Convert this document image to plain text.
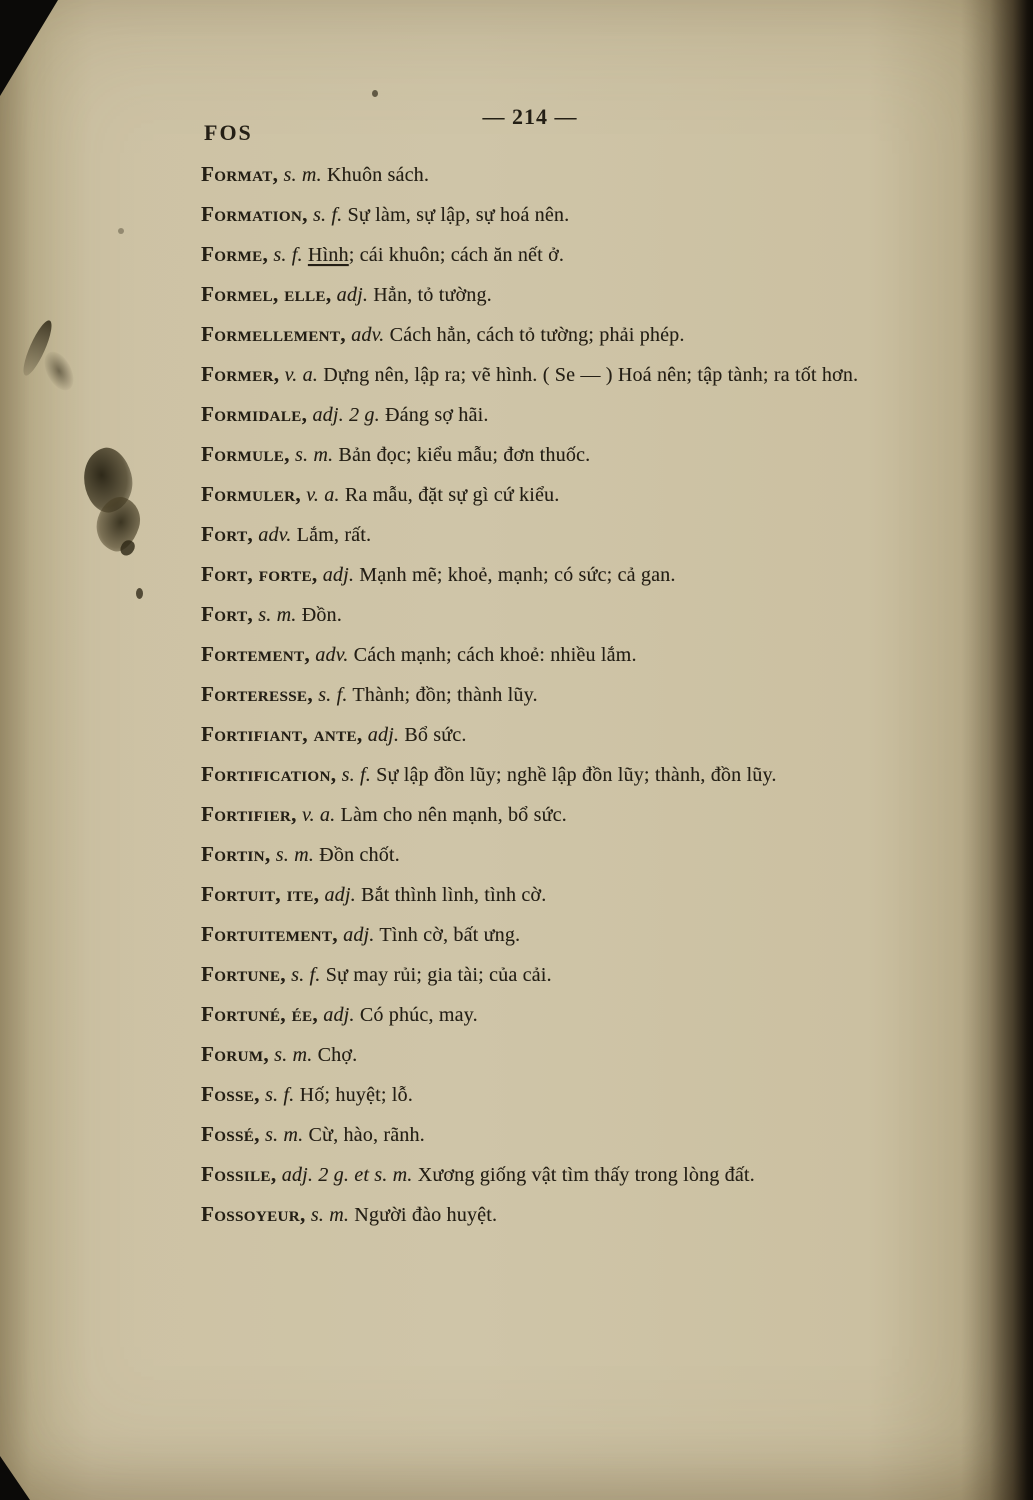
FOS
— 214 —

Format, s. m. Khuôn sách.

Formation, s. f. Sự làm, sự lập, sự hoá nên.

Forme, s. f. Hình; cái khuôn; cách ăn nết ở.

Formel, elle, adj. Hẳn, tỏ tường.

Formellement, adv. Cách hẳn, cách tỏ tường; phải phép.

Former, v. a. Dựng nên, lập ra; vẽ hình. ( Se — ) Hoá nên; tập tành; ra tốt hơn.

Formidale, adj. 2 g. Đáng sợ hãi.

Formule, s. m. Bản đọc; kiểu mẫu; đơn thuốc.

Formuler, v. a. Ra mẫu, đặt sự gì cứ kiểu.

Fort, adv. Lắm, rất.

Fort, forte, adj. Mạnh mẽ; khoẻ, mạnh; có sức; cả gan.

Fort, s. m. Đồn.

Fortement, adv. Cách mạnh; cách khoẻ: nhiều lắm.

Forteresse, s. f. Thành; đồn; thành lũy.

Fortifiant, ante, adj. Bổ sức.

Fortification, s. f. Sự lập đồn lũy; nghề lập đồn lũy; thành, đồn lũy.

Fortifier, v. a. Làm cho nên mạnh, bổ sức.

Fortin, s. m. Đồn chốt.

Fortuit, ite, adj. Bắt thình lình, tình cờ.

Fortuitement, adj. Tình cờ, bất ưng.

Fortune, s. f. Sự may rủi; gia tài; của cải.

Fortuné, ée, adj. Có phúc, may.

Forum, s. m. Chợ.

Fosse, s. f. Hố; huyệt; lỗ.

Fossé, s. m. Cừ, hào, rãnh.

Fossile, adj. 2 g. et s. m. Xương giống vật tìm thấy trong lòng đất.

Fossoyeur, s. m. Người đào huyệt.
